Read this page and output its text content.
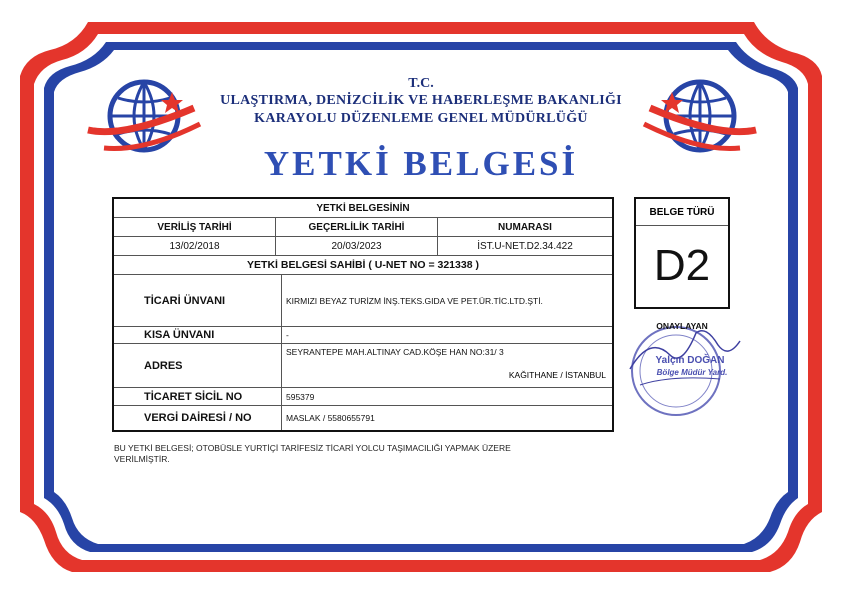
T.C.
ULAŞTIRMA, DENİZCİLİK VE HABERLEŞME BAKANLIĞI
KARAYOLU DÜZENLEME GENEL MÜDÜRLÜĞÜ
YETKİ BELGESİ
YETKİ BELGESİNİN
VERİLİŞ TARİHİ	GEÇERLİLİK TARİHİ	NUMARASI
13/02/2018	20/03/2023	İST.U-NET.D2.34.422
YETKİ BELGESİ SAHİBİ ( U-NET NO = 321338 )
TİCARİ ÜNVANI	KIRMIZI BEYAZ TURİZM İNŞ.TEKS.GIDA VE PET.ÜR.TİC.LTD.ŞTİ.
KISA ÜNVANI	-
ADRES
SEYRANTEPE MAH.ALTINAY CAD.KÖŞE HAN NO:31/ 3
KAĞITHANE / İSTANBUL
TİCARET SİCİL NO	595379
VERGİ DAİRESİ / NO	MASLAK / 5580655791
BELGE TÜRÜ
D2
ONAYLAYAN
Yalçın DOĞAN
Bölge Müdür Yard.
BU YETKİ BELGESİ; OTOBÜSLE YURTİÇİ TARİFESİZ TİCARİ YOLCU TAŞIMACILIĞI YAPMAK ÜZERE
VERİLMİŞTİR.
